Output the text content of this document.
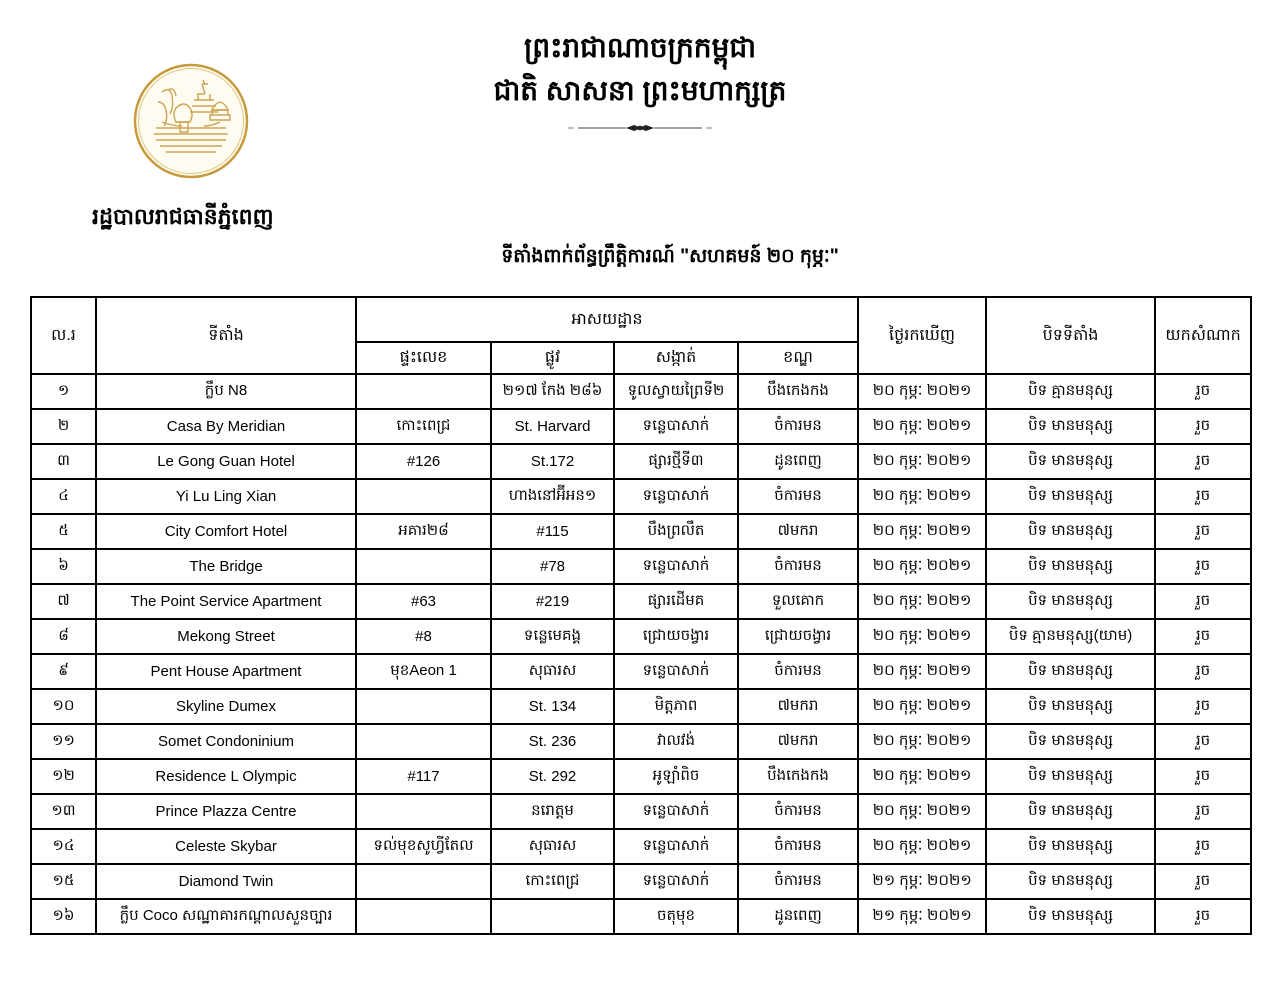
ព្រះរាជាណាចក្រកម្ពុជា
ជាតិ សាសនា ព្រះមហាក្សត្រ
រដ្ឋបាលរាជធានីភ្នំពេញ
ទីតាំងពាក់ព័ន្ធព្រឹត្តិការណ៍ "សហគមន៍ ២០ កុម្ភៈ"
ល.រ	ទីតាំង	អាសយដ្ឋាន				ថ្ងៃរកឃើញ	បិទទីតាំង	យកសំណាក
		ផ្ទះលេខ	ផ្លូវ	សង្កាត់	ខណ្ឌ			
១	ក្លឹប N8		២១៧ កែង ២៨៦	ទូលស្វាយព្រៃទី២	បឹងកេងកង	២០ កុម្ភៈ ២០២១	បិទ គ្មានមនុស្ស	រួច
២	Casa By Meridian	កោះពេជ្រ	St. Harvard	ទន្លេបាសាក់	ចំការមន	២០ កុម្ភៈ ២០២១	បិទ មានមនុស្ស	រួច
៣	Le Gong Guan Hotel	#126	St.172	ផ្សារថ្មីទី៣	ដូនពេញ	២០ កុម្ភៈ ២០២១	បិទ មានមនុស្ស	រួច
៤	Yi Lu Ling Xian		ហាងនៅអ៊ីអន១	ទន្លេបាសាក់	ចំការមន	២០ កុម្ភៈ ២០២១	បិទ មានមនុស្ស	រួច
៥	City Comfort Hotel	អគារ២៨	#115	បឹងព្រលឹត	៧មករា	២០ កុម្ភៈ ២០២១	បិទ មានមនុស្ស	រួច
៦	The Bridge		#78	ទន្លេបាសាក់	ចំការមន	២០ កុម្ភៈ ២០២១	បិទ មានមនុស្ស	រួច
៧	The Point Service Apartment	#63	#219	ផ្សារដើមគ	ទួលគោក	២០ កុម្ភៈ ២០២១	បិទ មានមនុស្ស	រួច
៨	Mekong Street	#8	ទន្លេមេគង្គ	ជ្រោយចង្វារ	ជ្រោយចង្វារ	២០ កុម្ភៈ ២០២១	បិទ គ្មានមនុស្ស(យាម)	រួច
៩	Pent House Apartment	មុខAeon 1	សុធារស	ទន្លេបាសាក់	ចំការមន	២០ កុម្ភៈ ២០២១	បិទ មានមនុស្ស	រួច
១០	Skyline Dumex		St. 134	មិត្តភាព	៧មករា	២០ កុម្ភៈ ២០២១	បិទ មានមនុស្ស	រួច
១១	Somet Condoninium		St. 236	វាលវង់	៧មករា	២០ កុម្ភៈ ២០២១	បិទ មានមនុស្ស	រួច
១២	Residence L Olympic	#117	St. 292	អូឡាំពិច	បឹងកេងកង	២០ កុម្ភៈ ២០២១	បិទ មានមនុស្ស	រួច
១៣	Prince Plazza Centre		នរោត្តម	ទន្លេបាសាក់	ចំការមន	២០ កុម្ភៈ ២០២១	បិទ មានមនុស្ស	រួច
១៤	Celeste Skybar	ទល់មុខសូហ្វីតែល	សុធារស	ទន្លេបាសាក់	ចំការមន	២០ កុម្ភៈ ២០២១	បិទ មានមនុស្ស	រួច
១៥	Diamond Twin		កោះពេជ្រ	ទន្លេបាសាក់	ចំការមន	២១ កុម្ភៈ ២០២១	បិទ មានមនុស្ស	រួច
១៦	ក្លឹប Coco សណ្ឋាគារកណ្ដាលសួនច្បារ			ចតុមុខ	ដូនពេញ	២១ កុម្ភៈ ២០២១	បិទ មានមនុស្ស	រួច
